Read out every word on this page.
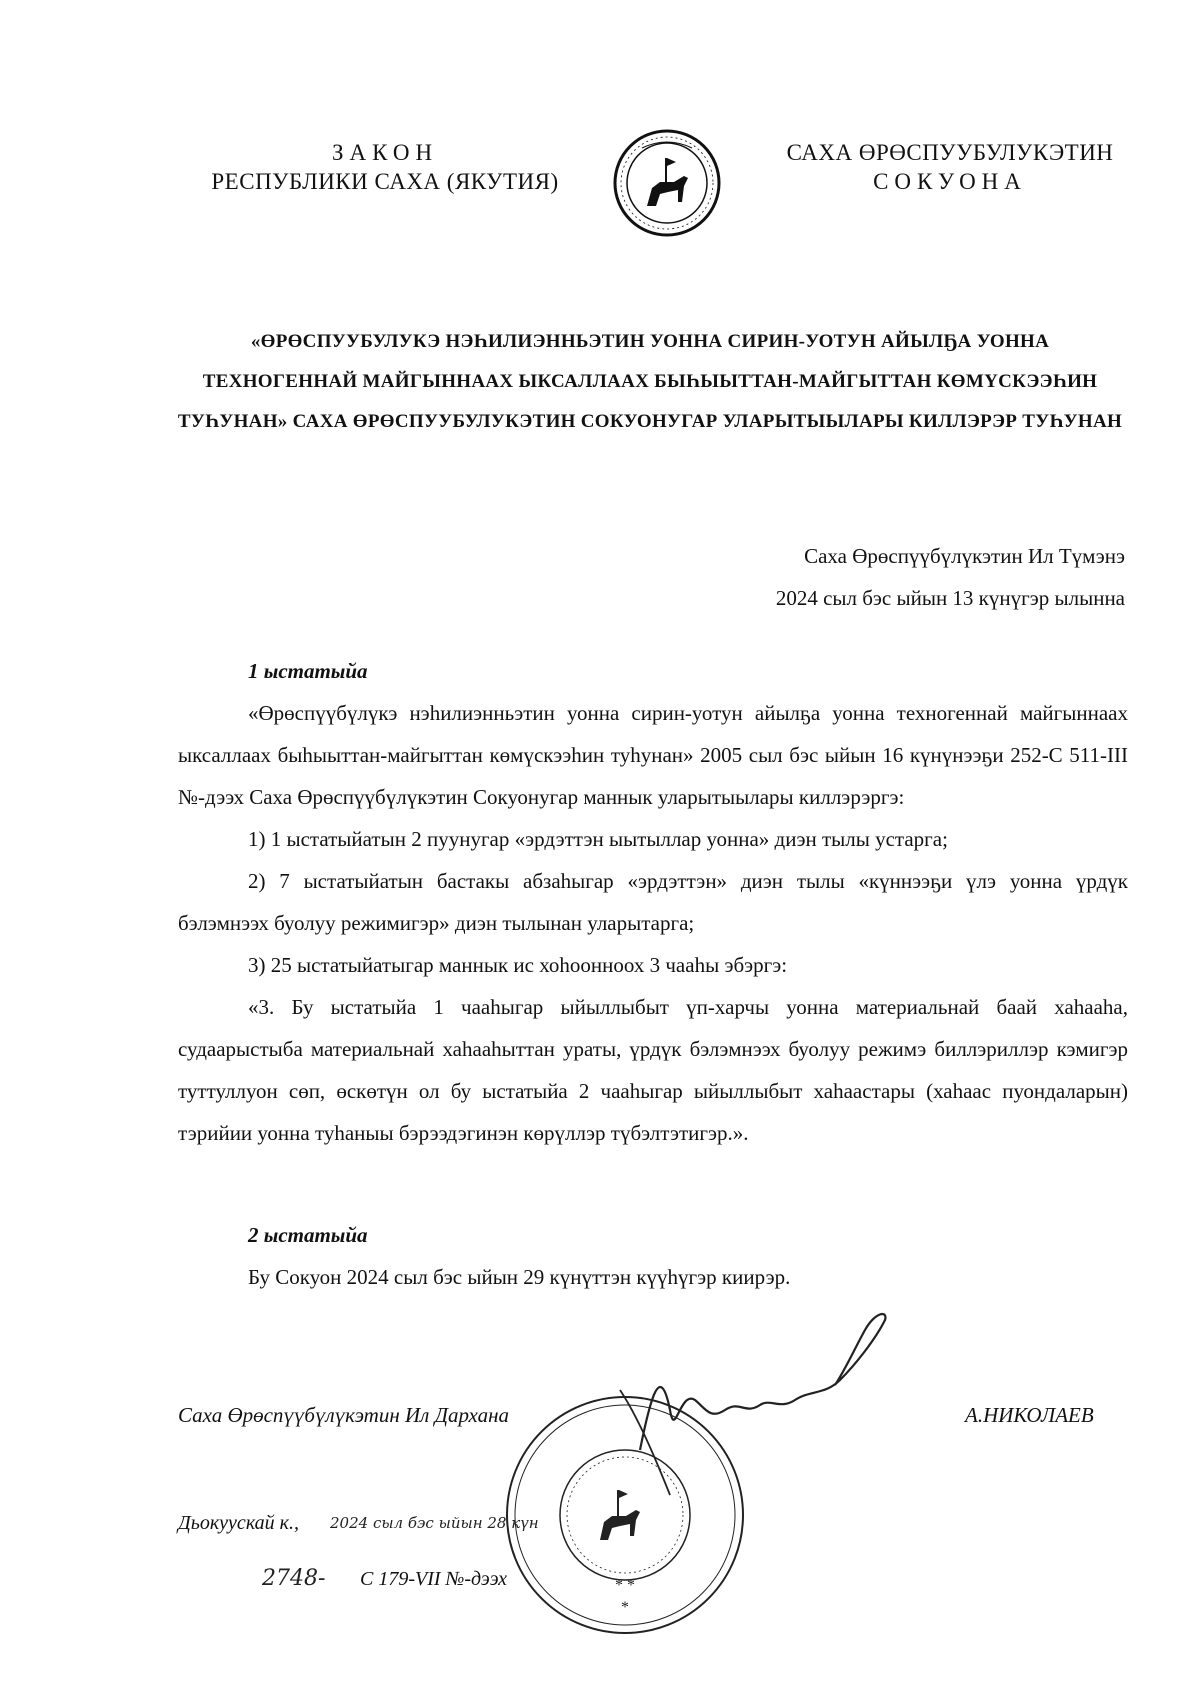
ЗАКОН
РЕСПУБЛИКИ САХА (ЯКУТИЯ)
САХА ӨРӨСПУУБУЛУКЭТИН
СОКУОНА
«ӨРӨСПУУБУЛУКЭ НЭҺИЛИЭННЬЭТИН УОННА СИРИН-УОТУН АЙЫЛҔА УОННА ТЕХНОГЕННАЙ МАЙГЫННААХ ЫКСАЛЛААХ БЫҺЫЫТТАН-МАЙГЫТТАН КӨМҮСКЭЭҺИН ТУҺУНАН» САХА ӨРӨСПУУБУЛУКЭТИН СОКУОНУГАР УЛАРЫТЫЫЛАРЫ КИЛЛЭРЭР ТУҺУНАН
Саха Өрөспүүбүлүкэтин Ил Түмэнэ
2024 сыл бэс ыйын 13 күнүгэр ылынна

1 ыстатыйа

«Өрөспүүбүлүкэ нэһилиэнньэтин уонна сирин-уотун айылҕа уонна техногеннай майгыннаах ыксаллаах быһыыттан-майгыттан көмүскээһин туһунан» 2005 сыл бэс ыйын 16 күнүнээҕи 252-С 511-III №-дээх Саха Өрөспүүбүлүкэтин Сокуонугар маннык уларытыылары киллэрэргэ:

1) 1 ыстатыйатын 2 пуунугар «эрдэттэн ыытыллар уонна» диэн тылы устарга;

2) 7 ыстатыйатын бастакы абзаһыгар «эрдэттэн» диэн тылы «күннээҕи үлэ уонна үрдүк бэлэмнээх буолуу режимигэр» диэн тылынан уларытарга;

3) 25 ыстатыйатыгар маннык ис хоһоонноох 3 чааһы эбэргэ:

«3. Бу ыстатыйа 1 чааһыгар ыйыллыбыт үп-харчы уонна материальнай баай хаһааһа, судаарыстыба материальнай хаһааһыттан ураты, үрдүк бэлэмнээх буолуу режимэ биллэриллэр кэмигэр туттуллуон сөп, өскөтүн ол бу ыстатыйа 2 чааһыгар ыйыллыбыт хаһаастары (хаһаас пуондаларын) тэрийии уонна туһаныы бэрээдэгинэн көрүллэр түбэлтэтигэр.».

2 ыстатыйа

Бу Сокуон 2024 сыл бэс ыйын 29 күнүттэн күүһүгэр киирэр.

Саха Өрөспүүбүлүкэтин Ил Дархана	А.НИКОЛАЕВ
Дьокуускай к., 2024 сыл бэс ыйын 28 күн
2748- С 179-VII №-дээх	* *
*
